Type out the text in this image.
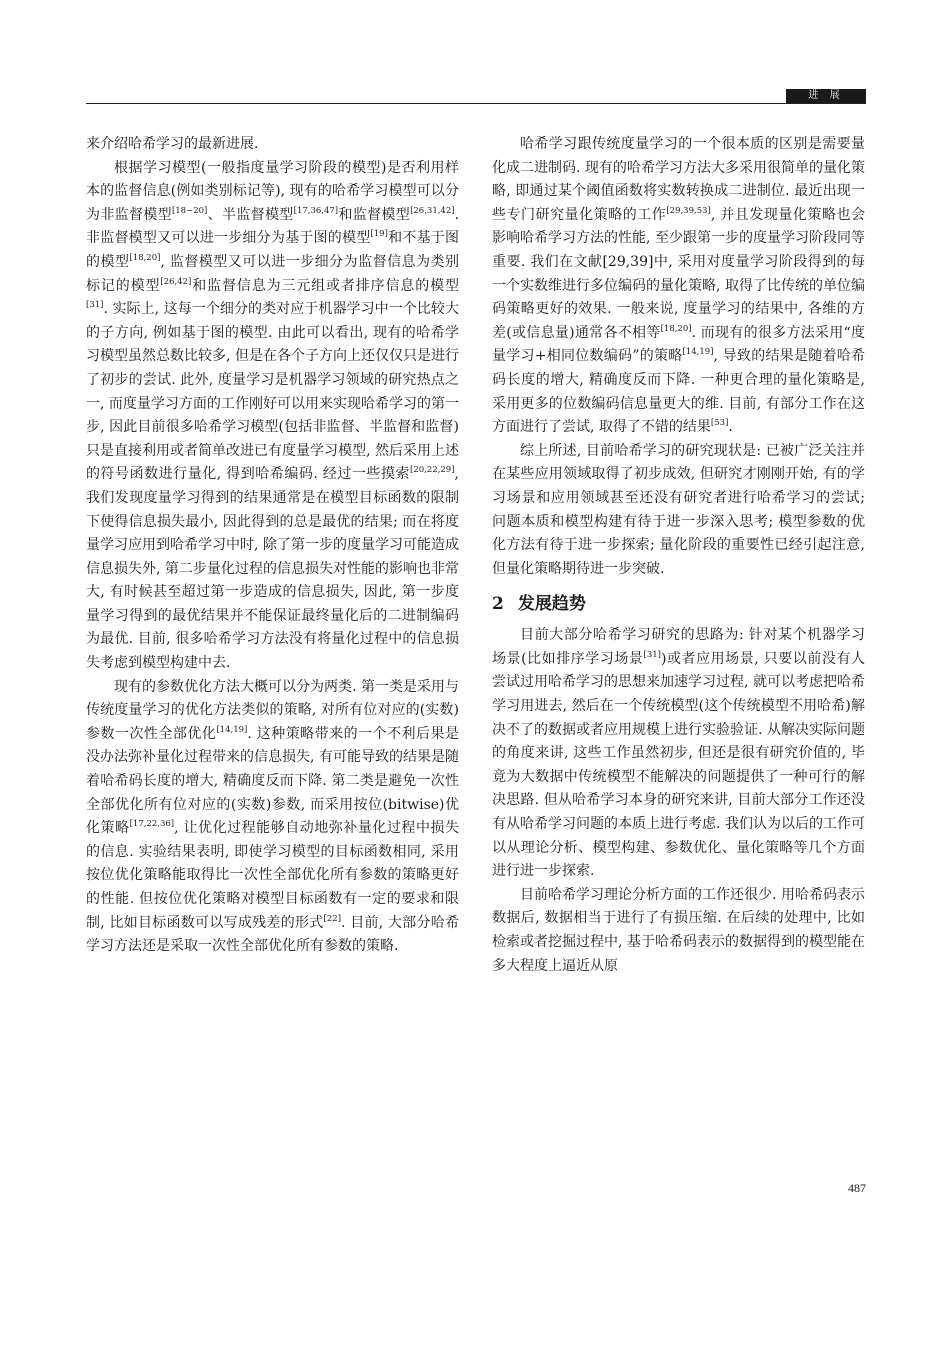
进 展

来介绍哈希学习的最新进展.

根据学习模型(一般指度量学习阶段的模型)是否利用样本的监督信息(例如类别标记等), 现有的哈希学习模型可以分为非监督模型[18−20]、半监督模型[17,36,47]和监督模型[26,31,42]. 非监督模型又可以进一步细分为基于图的模型[19]和不基于图的模型[18,20], 监督模型又可以进一步细分为监督信息为类别标记的模型[26,42]和监督信息为三元组或者排序信息的模型[31]. 实际上, 这每一个细分的类对应于机器学习中一个比较大的子方向, 例如基于图的模型. 由此可以看出, 现有的哈希学习模型虽然总数比较多, 但是在各个子方向上还仅仅只是进行了初步的尝试. 此外, 度量学习是机器学习领域的研究热点之一, 而度量学习方面的工作刚好可以用来实现哈希学习的第一步, 因此目前很多哈希学习模型(包括非监督、半监督和监督)只是直接利用或者简单改进已有度量学习模型, 然后采用上述的符号函数进行量化, 得到哈希编码. 经过一些摸索[20,22,29], 我们发现度量学习得到的结果通常是在模型目标函数的限制下使得信息损失最小, 因此得到的总是最优的结果; 而在将度量学习应用到哈希学习中时, 除了第一步的度量学习可能造成信息损失外, 第二步量化过程的信息损失对性能的影响也非常大, 有时候甚至超过第一步造成的信息损失, 因此, 第一步度量学习得到的最优结果并不能保证最终量化后的二进制编码为最优. 目前, 很多哈希学习方法没有将量化过程中的信息损失考虑到模型构建中去.

现有的参数优化方法大概可以分为两类. 第一类是采用与传统度量学习的优化方法类似的策略, 对所有位对应的(实数)参数一次性全部优化[14,19]. 这种策略带来的一个不利后果是没办法弥补量化过程带来的信息损失, 有可能导致的结果是随着哈希码长度的增大, 精确度反而下降. 第二类是避免一次性全部优化所有位对应的(实数)参数, 而采用按位(bitwise)优化策略[17,22,36], 让优化过程能够自动地弥补量化过程中损失的信息. 实验结果表明, 即使学习模型的目标函数相同, 采用按位优化策略能取得比一次性全部优化所有参数的策略更好的性能. 但按位优化策略对模型目标函数有一定的要求和限制, 比如目标函数可以写成残差的形式[22]. 目前, 大部分哈希学习方法还是采取一次性全部优化所有参数的策略.

哈希学习跟传统度量学习的一个很本质的区别是需要量化成二进制码. 现有的哈希学习方法大多采用很简单的量化策略, 即通过某个阈值函数将实数转换成二进制位. 最近出现一些专门研究量化策略的工作[29,39,53], 并且发现量化策略也会影响哈希学习方法的性能, 至少跟第一步的度量学习阶段同等重要. 我们在文献[29,39]中, 采用对度量学习阶段得到的每一个实数维进行多位编码的量化策略, 取得了比传统的单位编码策略更好的效果. 一般来说, 度量学习的结果中, 各维的方差(或信息量)通常各不相等[18,20]. 而现有的很多方法采用“度量学习+相同位数编码”的策略[14,19], 导致的结果是随着哈希码长度的增大, 精确度反而下降. 一种更合理的量化策略是, 采用更多的位数编码信息量更大的维. 目前, 有部分工作在这方面进行了尝试, 取得了不错的结果[53].

综上所述, 目前哈希学习的研究现状是: 已被广泛关注并在某些应用领域取得了初步成效, 但研究才刚刚开始, 有的学习场景和应用领域甚至还没有研究者进行哈希学习的尝试; 问题本质和模型构建有待于进一步深入思考; 模型参数的优化方法有待于进一步探索; 量化阶段的重要性已经引起注意, 但量化策略期待进一步突破.

2 发展趋势

目前大部分哈希学习研究的思路为: 针对某个机器学习场景(比如排序学习场景[31])或者应用场景, 只要以前没有人尝试过用哈希学习的思想来加速学习过程, 就可以考虑把哈希学习用进去, 然后在一个传统模型(这个传统模型不用哈希)解决不了的数据或者应用规模上进行实验验证. 从解决实际问题的角度来讲, 这些工作虽然初步, 但还是很有研究价值的, 毕竟为大数据中传统模型不能解决的问题提供了一种可行的解决思路. 但从哈希学习本身的研究来讲, 目前大部分工作还没有从哈希学习问题的本质上进行考虑. 我们认为以后的工作可以从理论分析、模型构建、参数优化、量化策略等几个方面进行进一步探索.

目前哈希学习理论分析方面的工作还很少. 用哈希码表示数据后, 数据相当于进行了有损压缩. 在后续的处理中, 比如检索或者挖掘过程中, 基于哈希码表示的数据得到的模型能在多大程度上逼近从原

487
